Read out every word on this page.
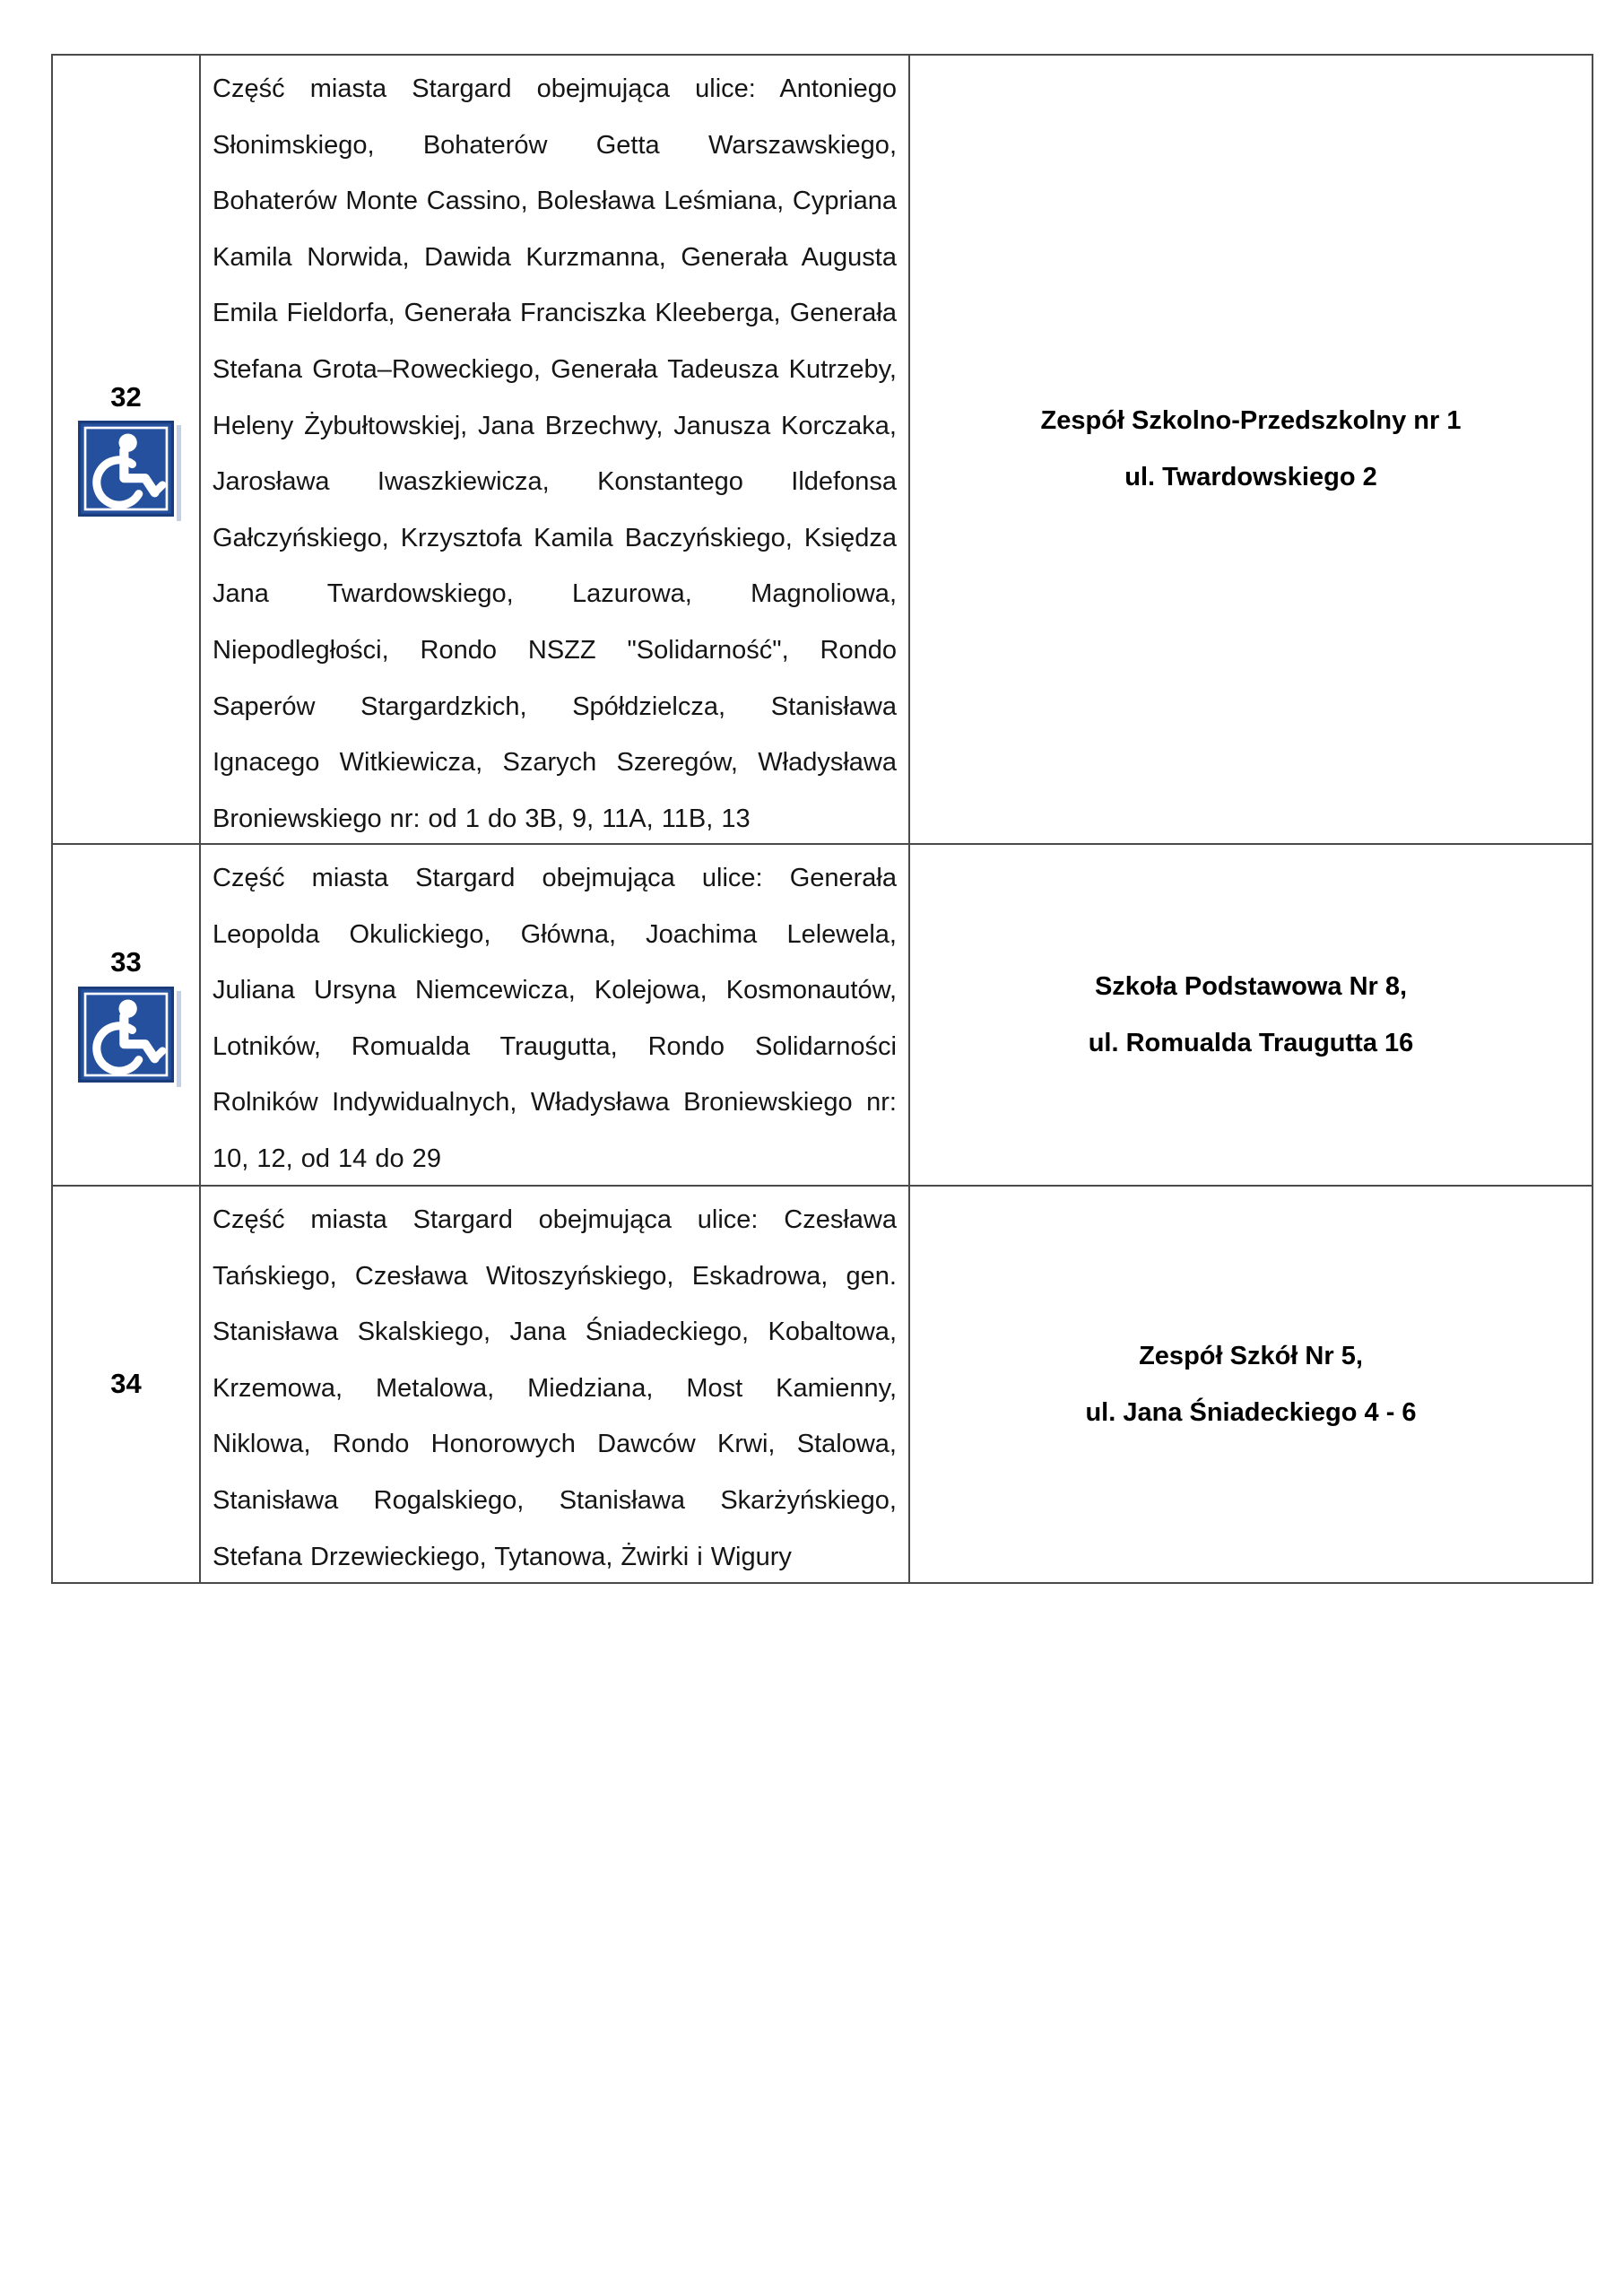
32
Część miasta Stargard obejmująca ulice: Antoniego Słonimskiego, Bohaterów Getta Warszawskiego, Bohaterów Monte Cassino, Bolesława Leśmiana, Cypriana Kamila Norwida, Dawida Kurzmanna, Generała Augusta Emila Fieldorfa, Generała Franciszka Kleeberga, Generała Stefana Grota–Roweckiego, Generała Tadeusza Kutrzeby, Heleny Żybułtowskiej, Jana Brzechwy, Janusza Korczaka, Jarosława Iwaszkiewicza, Konstantego Ildefonsa Gałczyńskiego, Krzysztofa Kamila Baczyńskiego, Księdza Jana Twardowskiego, Lazurowa, Magnoliowa, Niepodległości, Rondo NSZZ "Solidarność", Rondo Saperów Stargardzkich, Spółdzielcza, Stanisława Ignacego Witkiewicza, Szarych Szeregów, Władysława Broniewskiego nr: od 1 do 3B, 9, 11A, 11B, 13
Zespół Szkolno-Przedszkolny nr 1
ul. Twardowskiego 2
33
Część miasta Stargard obejmująca ulice: Generała Leopolda Okulickiego, Główna, Joachima Lelewela, Juliana Ursyna Niemcewicza, Kolejowa, Kosmonautów, Lotników, Romualda Traugutta, Rondo Solidarności Rolników Indywidualnych, Władysława Broniewskiego nr: 10, 12, od 14 do 29
Szkoła Podstawowa Nr 8,
ul. Romualda Traugutta 16
34
Część miasta Stargard obejmująca ulice: Czesława Tańskiego, Czesława Witoszyńskiego, Eskadrowa, gen. Stanisława Skalskiego, Jana Śniadeckiego, Kobaltowa, Krzemowa, Metalowa, Miedziana, Most Kamienny, Niklowa, Rondo Honorowych Dawców Krwi, Stalowa, Stanisława Rogalskiego, Stanisława Skarżyńskiego, Stefana Drzewieckiego, Tytanowa, Żwirki i Wigury
Zespół Szkół Nr 5,
ul. Jana Śniadeckiego 4 - 6
